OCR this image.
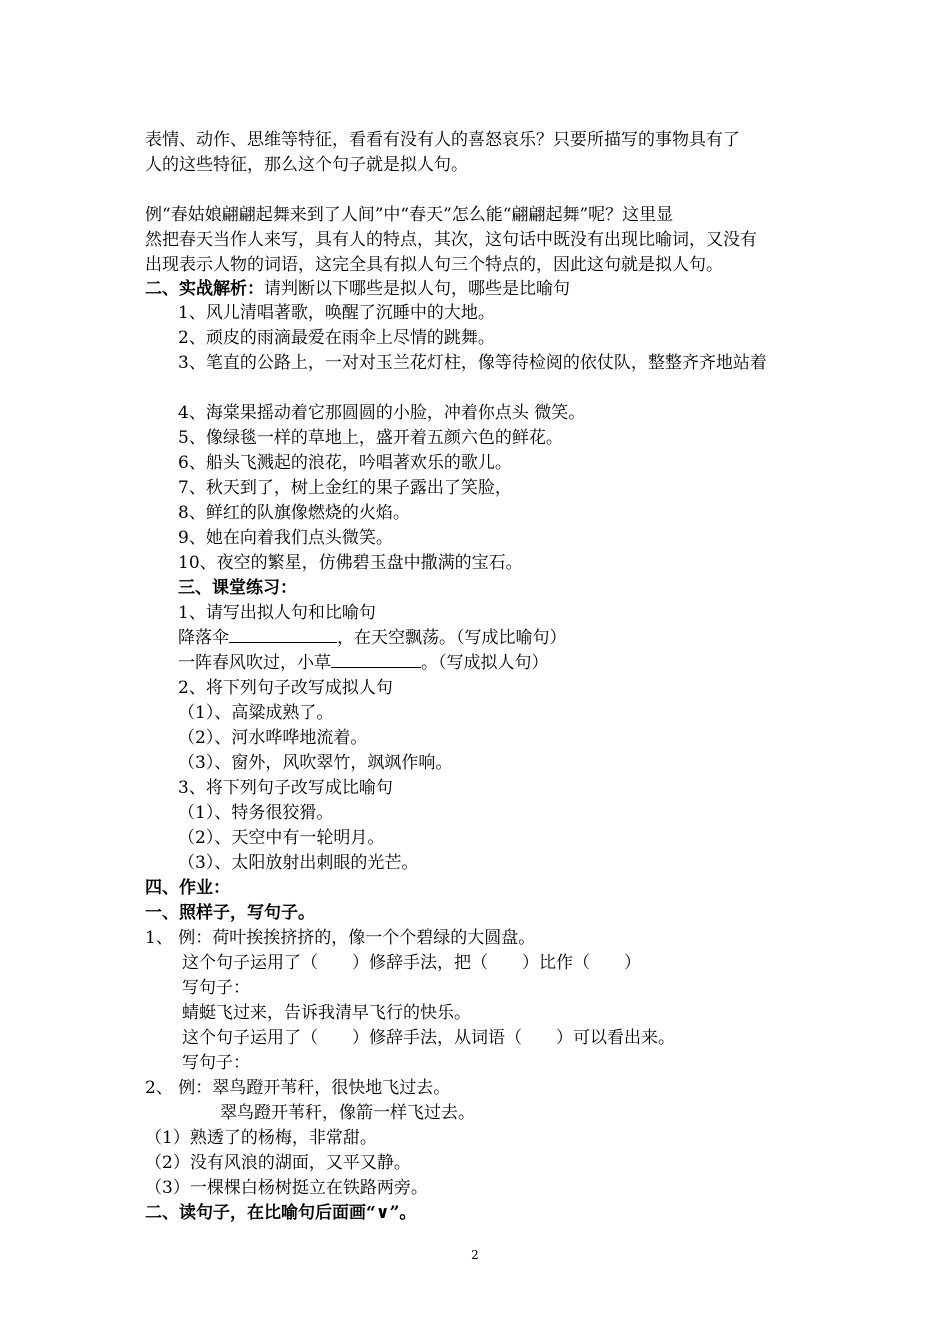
表情、动作、思维等特征，看看有没有人的喜怒哀乐？只要所描写的事物具有了
人的这些特征，那么这个句子就是拟人句。
例“春姑娘翩翩起舞来到了人间”中“春天”怎么能“翩翩起舞”呢？这里显
然把春天当作人来写，具有人的特点，其次，这句话中既没有出现比喻词，又没有
出现表示人物的词语，这完全具有拟人句三个特点的，因此这句就是拟人句。
二、实战解析：请判断以下哪些是拟人句，哪些是比喻句
1、风儿清唱著歌，唤醒了沉睡中的大地。
2、顽皮的雨滴最爱在雨伞上尽情的跳舞。
3、笔直的公路上，一对对玉兰花灯柱，像等待检阅的依仗队，整整齐齐地站着
4、海棠果摇动着它那圆圆的小脸，冲着你点头 微笑。
5、像绿毯一样的草地上，盛开着五颜六色的鲜花。
6、船头飞溅起的浪花，吟唱著欢乐的歌儿。
7、秋天到了，树上金红的果子露出了笑脸，
8、鲜红的队旗像燃烧的火焰。
9、她在向着我们点头微笑。
10、夜空的繁星，仿佛碧玉盘中撒满的宝石。
三、课堂练习：
1、请写出拟人句和比喻句
降落伞	，在天空飘荡。（写成比喻句）
一阵春风吹过，小草	。（写成拟人句）
2、将下列句子改写成拟人句
（1）、高粱成熟了。
（2）、河水哗哗地流着。
（3）、窗外，风吹翠竹，飒飒作响。
3、将下列句子改写成比喻句
（1）、特务很狡猾。
（2）、天空中有一轮明月。
（3）、太阳放射出刺眼的光芒。
四、作业：
一、照样子，写句子。
1、 例：荷叶挨挨挤挤的，像一个个碧绿的大圆盘。
这个句子运用了（　　）修辞手法，把（　　）比作（　　）
写句子：
蜻蜓飞过来，告诉我清早飞行的快乐。
这个句子运用了（　　）修辞手法，从词语（　　）可以看出来。
写句子：
2、 例：翠鸟蹬开苇秆，很快地飞过去。
翠鸟蹬开苇秆，像箭一样飞过去。
（1）熟透了的杨梅，非常甜。
（2）没有风浪的湖面，又平又静。
（3）一棵棵白杨树挺立在铁路两旁。
二、读句子，在比喻句后面画“∨”。
2
